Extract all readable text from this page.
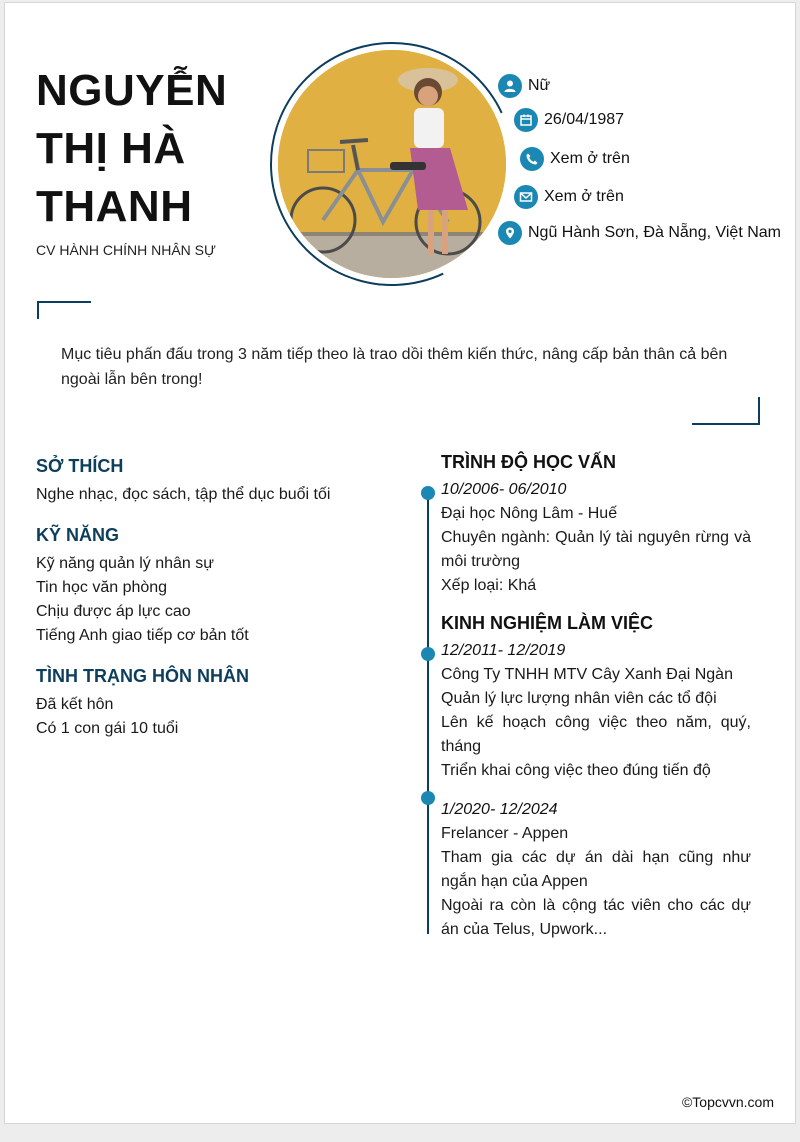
NGUYỄN
THỊ HÀ
THANH
CV HÀNH CHÍNH NHÂN SỰ
Nữ
26/04/1987
Xem ở trên
Xem ở trên
Ngũ Hành Sơn, Đà Nẵng, Việt Nam
Mục tiêu phấn đấu trong 3 năm tiếp theo là trao dồi thêm kiến thức, nâng cấp bản thân cả bên ngoài lẫn bên trong!
SỞ THÍCH
Nghe nhạc, đọc sách, tập thể dục buổi tối
KỸ NĂNG
Kỹ năng quản lý nhân sự
Tin học văn phòng
Chịu được áp lực cao
Tiếng Anh giao tiếp cơ bản tốt
TÌNH TRẠNG HÔN NHÂN
Đã kết hôn
Có 1 con gái 10 tuổi
TRÌNH ĐỘ HỌC VẤN
10/2006- 06/2010
Đại học Nông Lâm - Huế
Chuyên ngành: Quản lý tài nguyên rừng và môi trường
Xếp loại: Khá
KINH NGHIỆM LÀM VIỆC
12/2011- 12/2019
Công Ty TNHH MTV Cây Xanh Đại Ngàn
Quản lý lực lượng nhân viên các tổ đội
Lên kế hoạch công việc theo năm, quý, tháng
Triển khai công việc theo đúng tiến độ
1/2020- 12/2024
Frelancer - Appen
Tham gia các dự án dài hạn cũng như ngắn hạn của Appen
Ngoài ra còn là cộng tác viên cho các dự án của Telus, Upwork...
©Topcvvn.com
